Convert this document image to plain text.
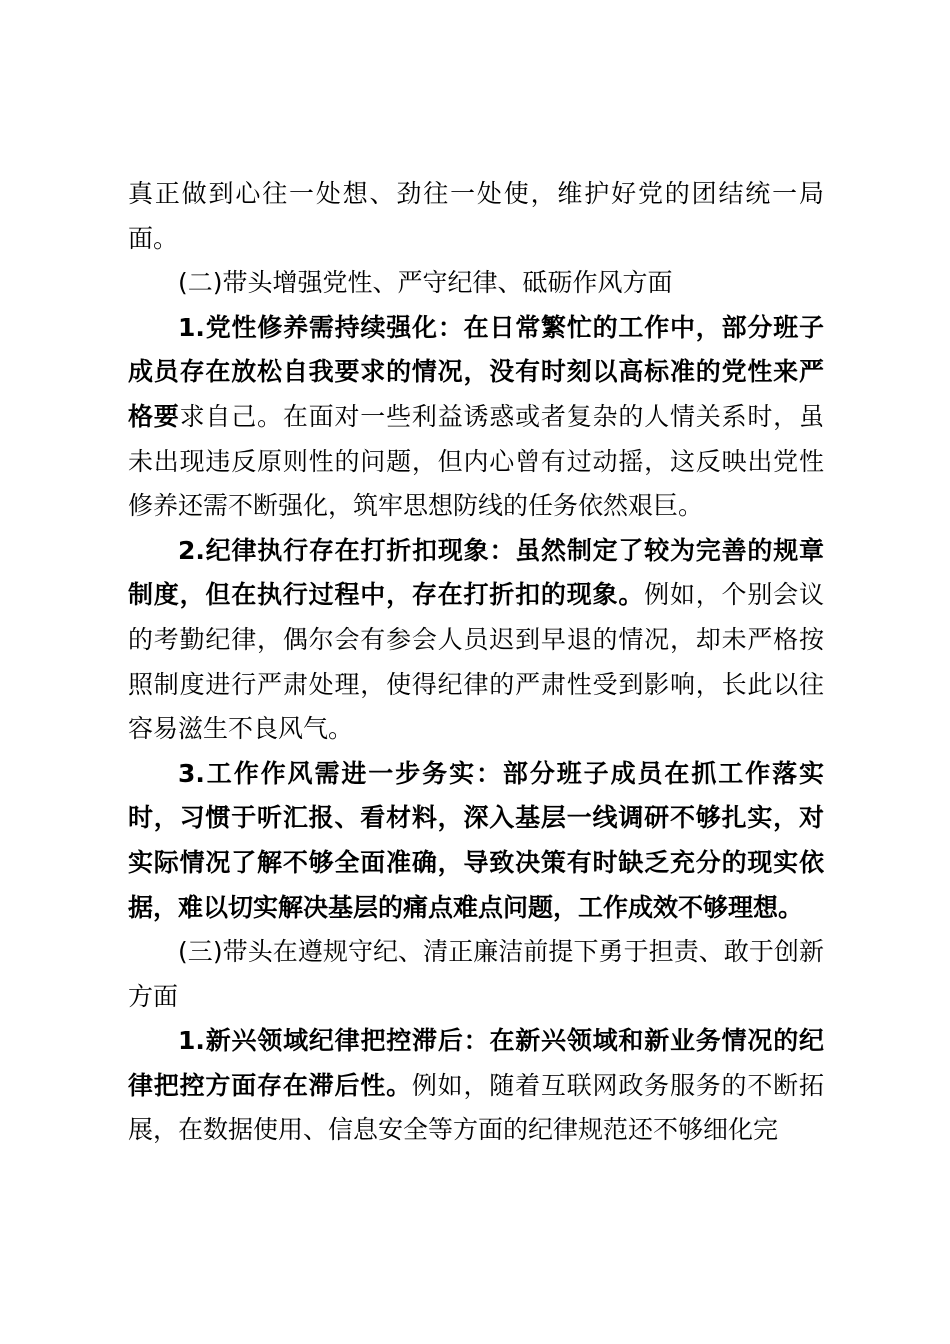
真正做到心往一处想、劲往一处使，维护好党的团结统一局面。

(二)带头增强党性、严守纪律、砥砺作风方面

1.党性修养需持续强化：在日常繁忙的工作中，部分班子成员存在放松自我要求的情况，没有时刻以高标准的党性来严格要求自己。在面对一些利益诱惑或者复杂的人情关系时，虽未出现违反原则性的问题，但内心曾有过动摇，这反映出党性修养还需不断强化，筑牢思想防线的任务依然艰巨。

2.纪律执行存在打折扣现象：虽然制定了较为完善的规章制度，但在执行过程中，存在打折扣的现象。例如，个别会议的考勤纪律，偶尔会有参会人员迟到早退的情况，却未严格按照制度进行严肃处理，使得纪律的严肃性受到影响，长此以往容易滋生不良风气。

3.工作作风需进一步务实：部分班子成员在抓工作落实时，习惯于听汇报、看材料，深入基层一线调研不够扎实，对实际情况了解不够全面准确，导致决策有时缺乏充分的现实依据，难以切实解决基层的痛点难点问题，工作成效不够理想。

(三)带头在遵规守纪、清正廉洁前提下勇于担责、敢于创新方面

1.新兴领域纪律把控滞后：在新兴领域和新业务情况的纪律把控方面存在滞后性。例如，随着互联网政务服务的不断拓展，在数据使用、信息安全等方面的纪律规范还不够细化完
